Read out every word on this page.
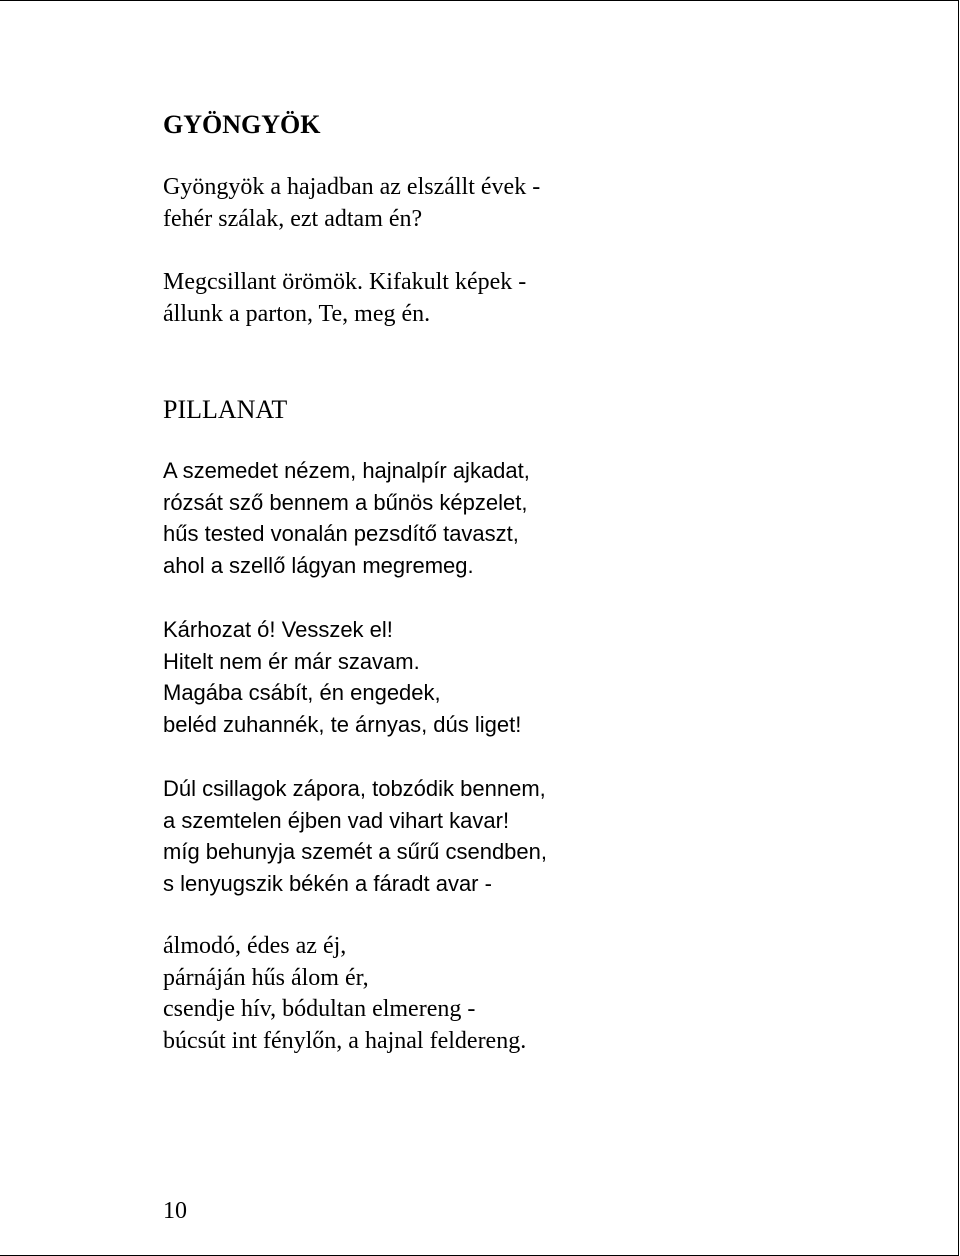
GYÖNGYÖK
Gyöngyök a hajadban az elszállt évek -
fehér szálak, ezt adtam én?
Megcsillant örömök. Kifakult képek -
állunk a parton, Te, meg én.
PILLANAT
A szemedet nézem, hajnalpír ajkadat,
rózsát sző bennem a bűnös képzelet,
hűs tested vonalán pezsdítő tavaszt,
ahol a szellő lágyan megremeg.
Kárhozat ó! Vesszek el!
Hitelt nem ér már szavam.
Magába csábít, én engedek,
beléd zuhannék, te árnyas, dús liget!
Dúl csillagok zápora, tobzódik bennem,
a szemtelen éjben vad vihart kavar!
míg behunyja szemét a sűrű csendben,
s lenyugszik békén a fáradt avar -
álmodó, édes az éj,
párnáján hűs álom ér,
csendje hív, bódultan elmereng -
búcsút int fénylőn, a hajnal feldereng.
10
